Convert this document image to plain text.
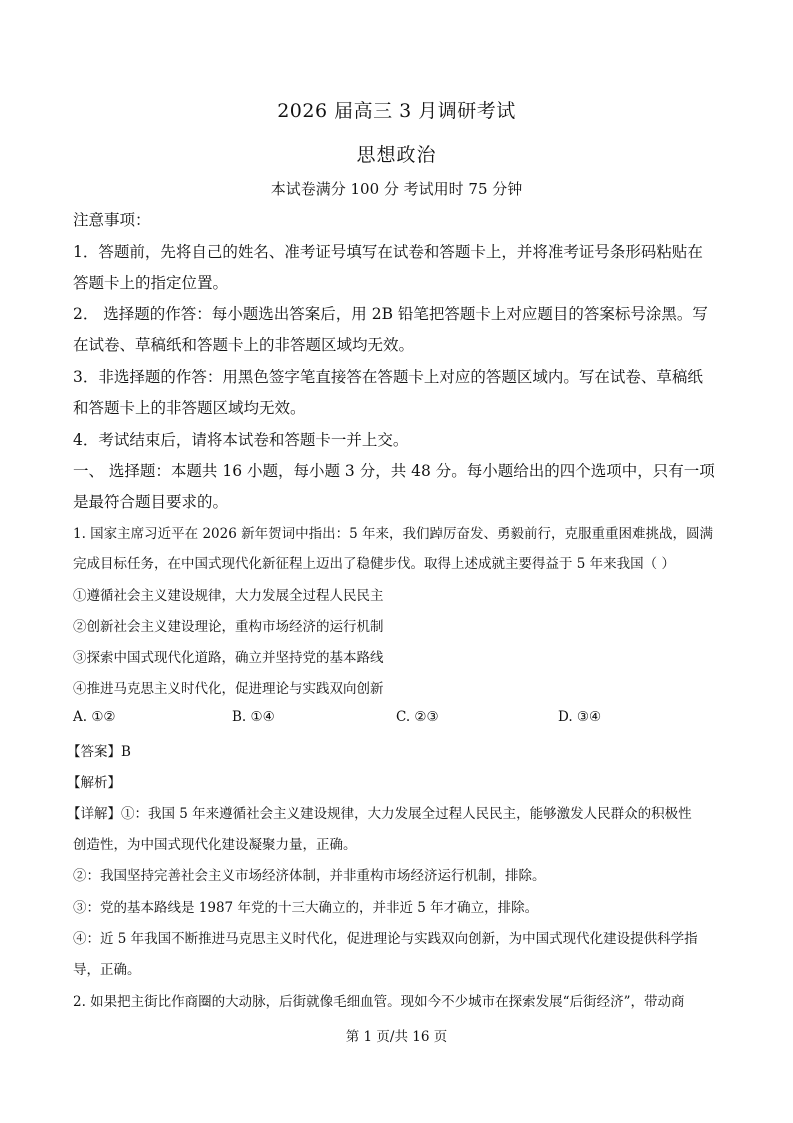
2026 届高三 3 月调研考试
思想政治
本试卷满分 100 分 考试用时 75 分钟
注意事项：
1．答题前，先将自己的姓名、准考证号填写在试卷和答题卡上，并将准考证号条形码粘贴在
答题卡上的指定位置。
2． 选择题的作答：每小题选出答案后，用 2B 铅笔把答题卡上对应题目的答案标号涂黑。写
在试卷、草稿纸和答题卡上的非答题区域均无效。
3．非选择题的作答：用黑色签字笔直接答在答题卡上对应的答题区域内。写在试卷、草稿纸
和答题卡上的非答题区域均无效。
4．考试结束后，请将本试卷和答题卡一并上交。
一、 选择题：本题共 16 小题，每小题 3 分，共 48 分。每小题给出的四个选项中，只有一项
是最符合题目要求的。
1. 国家主席习近平在 2026 新年贺词中指出：5 年来，我们踔厉奋发、勇毅前行，克服重重困难挑战，圆满
完成目标任务，在中国式现代化新征程上迈出了稳健步伐。取得上述成就主要得益于 5 年来我国（ ）
①遵循社会主义建设规律，大力发展全过程人民民主
②创新社会主义建设理论，重构市场经济的运行机制
③探索中国式现代化道路，确立并坚持党的基本路线
④推进马克思主义时代化，促进理论与实践双向创新
A. ①②	B. ①④	C. ②③	D. ③④
【答案】B
【解析】
【详解】①：我国 5 年来遵循社会主义建设规律，大力发展全过程人民民主，能够激发人民群众的积极性
创造性，为中国式现代化建设凝聚力量，正确。
②：我国坚持完善社会主义市场经济体制，并非重构市场经济运行机制，排除。
③：党的基本路线是 1987 年党的十三大确立的，并非近 5 年才确立，排除。
④：近 5 年我国不断推进马克思主义时代化，促进理论与实践双向创新，为中国式现代化建设提供科学指
导，正确。
2. 如果把主街比作商圈的大动脉，后街就像毛细血管。现如今不少城市在探索发展“后街经济”，带动商
第 1 页/共 16 页
